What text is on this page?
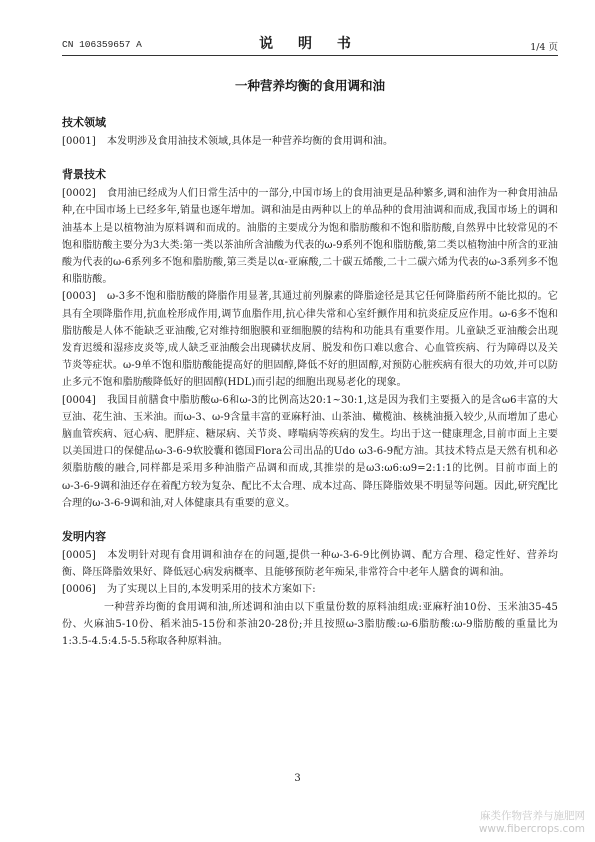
CN 106359657 A	说 明 书	1/4 页
一种营养均衡的食用调和油
技术领域

[0001] 本发明涉及食用油技术领域,具体是一种营养均衡的食用调和油。

背景技术

[0002] 食用油已经成为人们日常生活中的一部分,中国市场上的食用油更是品种繁多,调和油作为一种食用油品种,在中国市场上已经多年,销量也逐年增加。调和油是由两种以上的单品种的食用油调和而成,我国市场上的调和油基本上是以植物油为原料调和而成的。油脂的主要成分为饱和脂肪酸和不饱和脂肪酸,自然界中比较常见的不饱和脂肪酸主要分为3大类:第一类以茶油所含油酸为代表的ω-9系列不饱和脂肪酸,第二类以植物油中所含的亚油酸为代表的ω-6系列多不饱和脂肪酸,第三类是以α-亚麻酸,二十碳五烯酸,二十二碳六烯为代表的ω-3系列多不饱和脂肪酸。

[0003] ω-3多不饱和脂肪酸的降脂作用显著,其通过前列腺素的降脂途径是其它任何降脂药所不能比拟的。它具有全项降脂作用,抗血栓形成作用,调节血脂作用,抗心律失常和心室纤颤作用和抗炎症反应作用。ω-6多不饱和脂肪酸是人体不能缺乏亚油酸,它对维持细胞膜和亚细胞膜的结构和功能具有重要作用。儿童缺乏亚油酸会出现发育迟缓和湿疹皮炎等,成人缺乏亚油酸会出现磷状皮屑、脱发和伤口难以愈合、心血管疾病、行为障碍以及关节炎等症状。ω-9单不饱和脂肪酸能提高好的胆固醇,降低不好的胆固醇,对预防心脏疾病有很大的功效,并可以防止多元不饱和脂肪酸降低好的胆固醇(HDL)而引起的细胞出现易老化的现象。

[0004] 我国目前膳食中脂肪酸ω-6和ω-3的比例高达20:1~30:1,这是因为我们主要摄入的是含ω6丰富的大豆油、花生油、玉米油。而ω-3、ω-9含量丰富的亚麻籽油、山茶油、橄榄油、核桃油摄入较少,从而增加了患心脑血管疾病、冠心病、肥胖症、糖尿病、关节炎、哮喘病等疾病的发生。均出于这一健康理念,目前市面上主要以美国进口的保健品ω-3-6-9软胶囊和德国Flora公司出品的Udo ω3-6-9配方油。其技术特点是天然有机和必须脂肪酸的融合,同样都是采用多种油脂产品调和而成,其推崇的是ω3:ω6:ω9=2:1:1的比例。目前市面上的ω-3-6-9调和油还存在着配方较为复杂、配比不太合理、成本过高、降压降脂效果不明显等问题。因此,研究配比合理的ω-3-6-9调和油,对人体健康具有重要的意义。

发明内容

[0005] 本发明针对现有食用调和油存在的问题,提供一种ω-3-6-9比例协调、配方合理、稳定性好、营养均衡、降压降脂效果好、降低冠心病发病概率、且能够预防老年痴呆,非常符合中老年人膳食的调和油。

[0006] 为了实现以上目的,本发明采用的技术方案如下:

一种营养均衡的食用调和油,所述调和油由以下重量份数的原料油组成:亚麻籽油10份、玉米油35-45份、火麻油5-10份、稻米油5-15份和茶油20-28份;并且按照ω-3脂肪酸:ω-6脂肪酸:ω-9脂肪酸的重量比为1:3.5-4.5:4.5-5.5称取各种原料油。

3
麻类作物营养与施肥网
www.fibercrops.com
